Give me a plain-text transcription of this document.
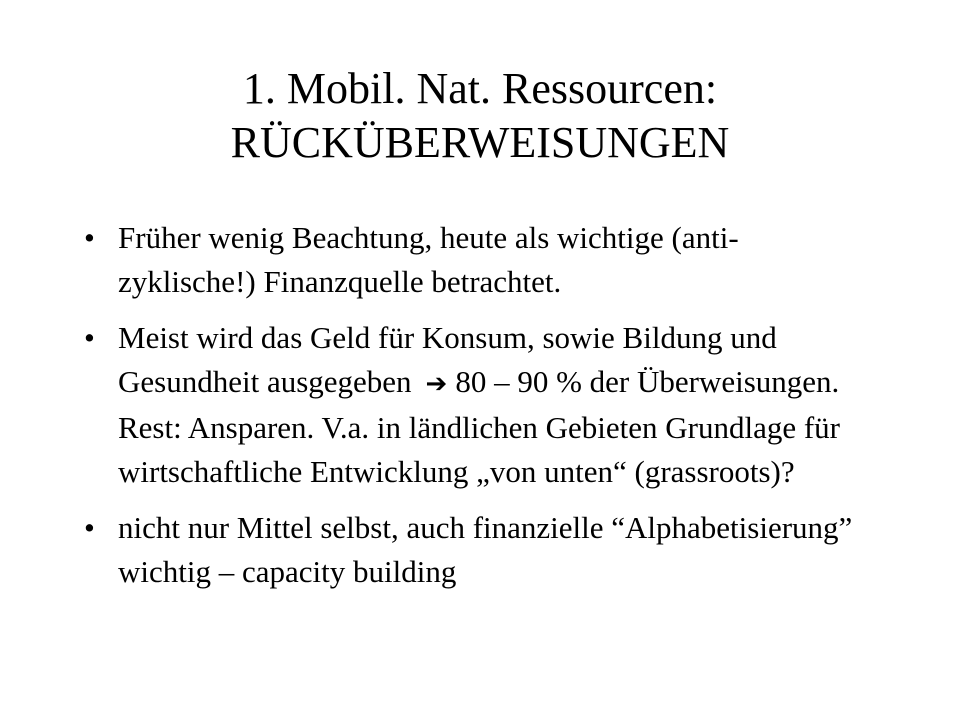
1. Mobil. Nat. Ressourcen:
RÜCKÜBERWEISUNGEN
• Früher wenig Beachtung, heute als wichtige (anti-zyklische!) Finanzquelle betrachtet.
• Meist wird das Geld für Konsum, sowie Bildung und Gesundheit ausgegeben ➔ 80 – 90 % der Überweisungen. Rest: Ansparen. V.a. in ländlichen Gebieten Grundlage für wirtschaftliche Entwicklung „von unten“ (grassroots)?
• nicht nur Mittel selbst, auch finanzielle “Alphabetisierung” wichtig – capacity building
